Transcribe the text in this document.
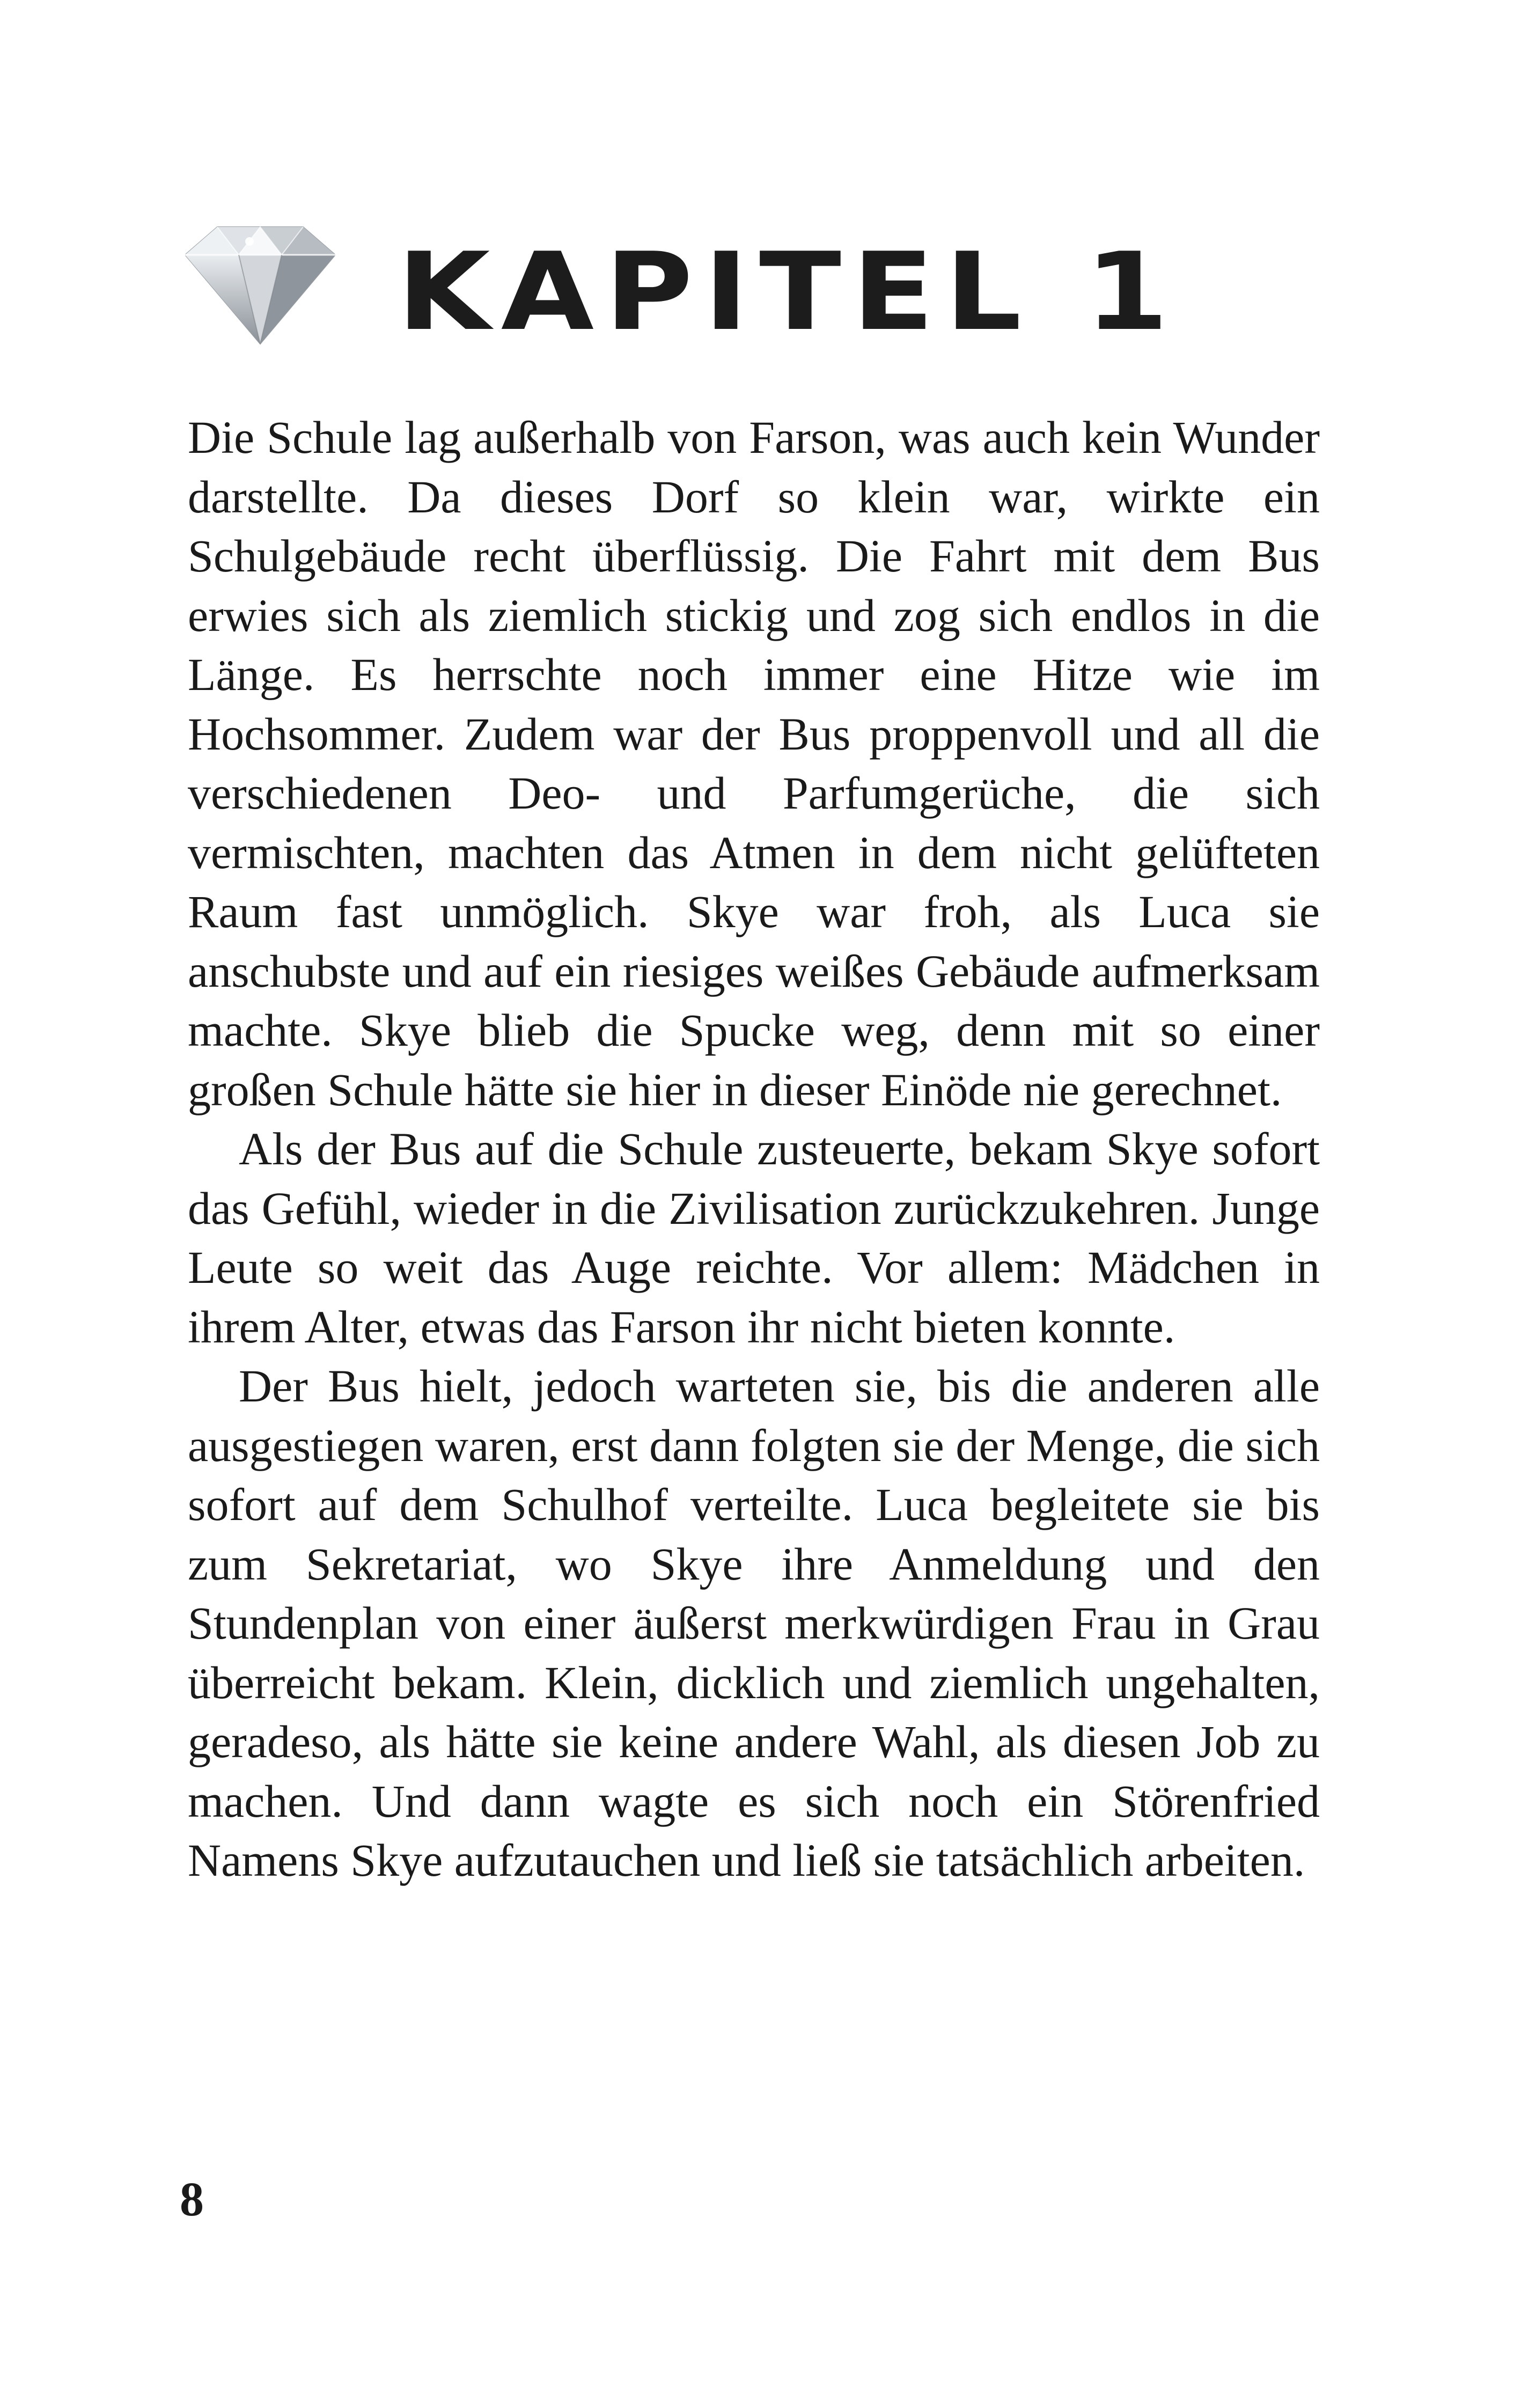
KAPITEL 1

Die Schule lag außerhalb von Farson, was auch kein Wunder darstellte. Da dieses Dorf so klein war, wirkte ein Schulgebäude recht überflüssig. Die Fahrt mit dem Bus erwies sich als ziemlich stickig und zog sich endlos in die Länge. Es herrschte noch immer eine Hitze wie im Hochsommer. Zudem war der Bus proppenvoll und all die verschiedenen Deo- und Parfumgerüche, die sich vermischten, machten das Atmen in dem nicht gelüfteten Raum fast unmöglich. Skye war froh, als Luca sie anschubste und auf ein riesiges weißes Gebäude aufmerksam machte. Skye blieb die Spucke weg, denn mit so einer großen Schule hätte sie hier in dieser Einöde nie gerechnet.

Als der Bus auf die Schule zusteuerte, bekam Skye sofort das Gefühl, wieder in die Zivilisation zurückzukehren. Junge Leute so weit das Auge reichte. Vor allem: Mädchen in ihrem Alter, etwas das Farson ihr nicht bieten konnte.

Der Bus hielt, jedoch warteten sie, bis die anderen alle ausgestiegen waren, erst dann folgten sie der Menge, die sich sofort auf dem Schulhof verteilte. Luca begleitete sie bis zum Sekretariat, wo Skye ihre Anmeldung und den Stundenplan von einer äußerst merkwürdigen Frau in Grau überreicht bekam. Klein, dicklich und ziemlich ungehalten, geradeso, als hätte sie keine andere Wahl, als diesen Job zu machen. Und dann wagte es sich noch ein Störenfried Namens Skye aufzutauchen und ließ sie tatsächlich arbeiten.

8
